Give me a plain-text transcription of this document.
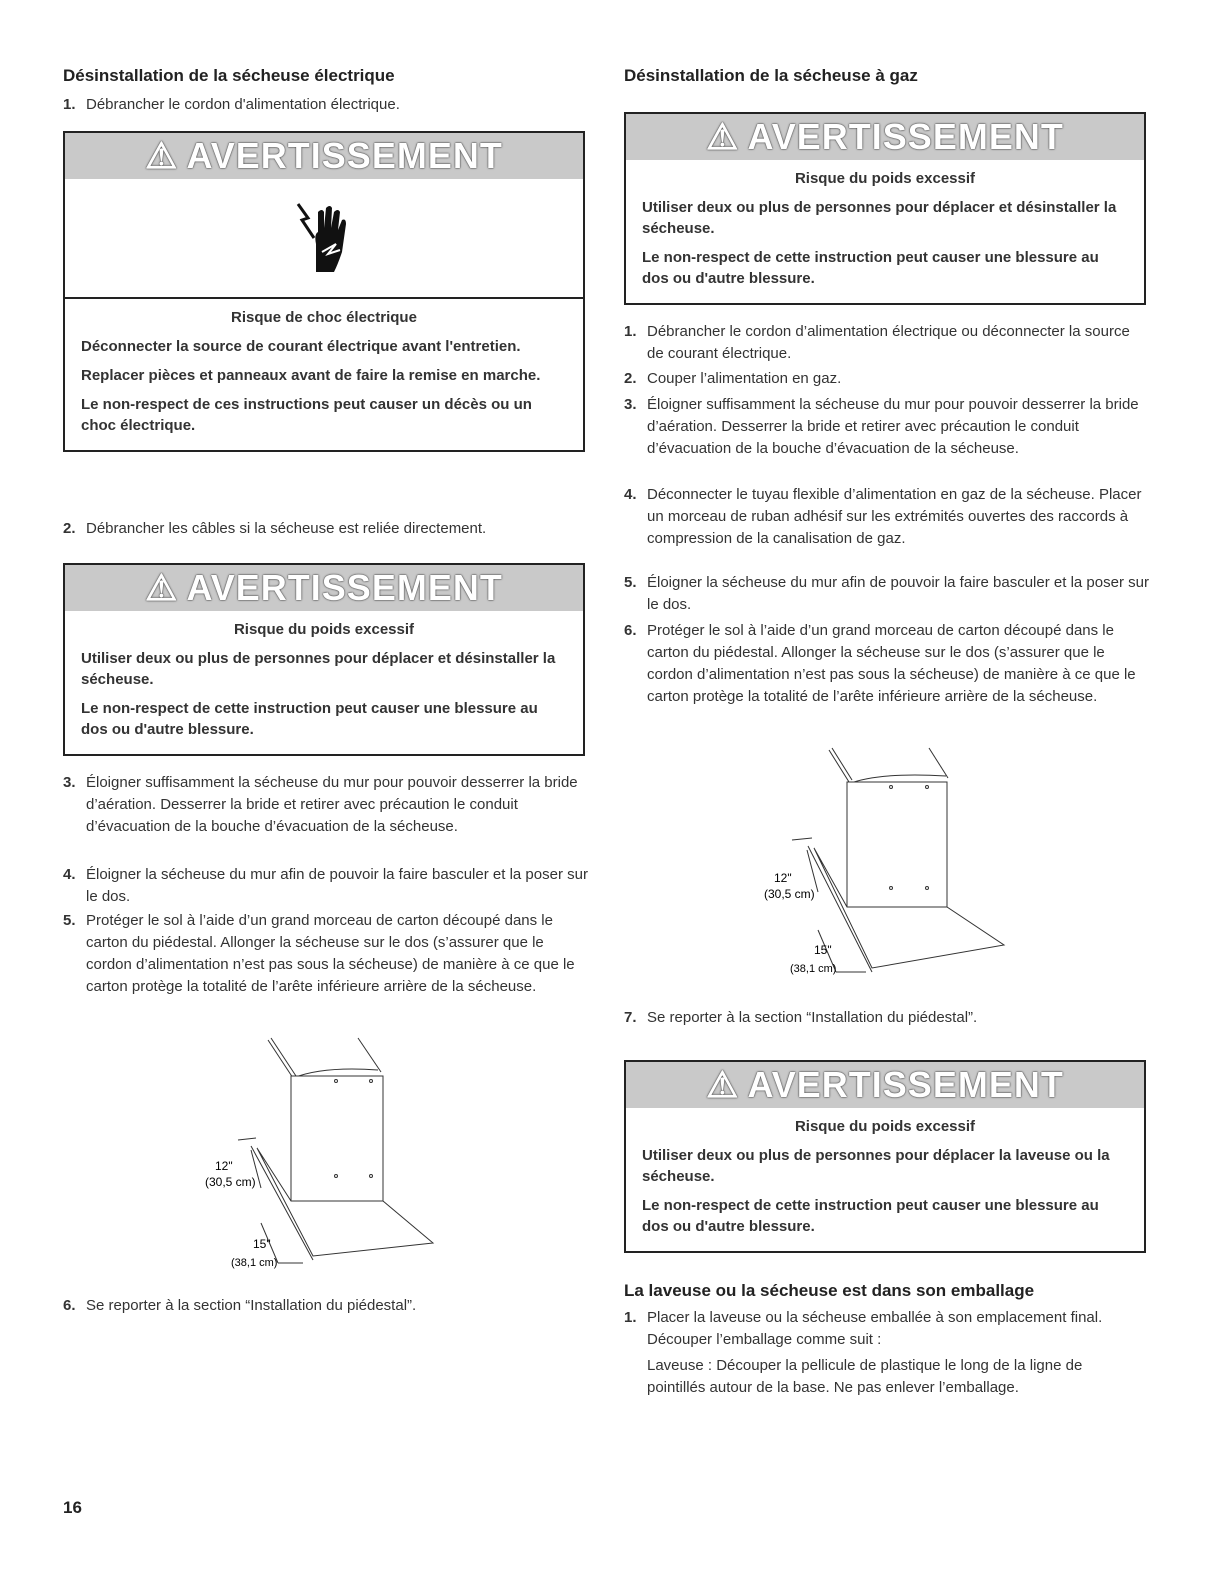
Désinstallation de la sécheuse électrique
1. Débrancher le cordon d'alimentation électrique.
⚠ AVERTISSEMENT
Risque de choc électrique

Déconnecter la source de courant électrique avant l'entretien.

Replacer pièces et panneaux avant de faire la remise en marche.

Le non-respect de ces instructions peut causer un décès ou un choc électrique.

2. Débrancher les câbles si la sécheuse est reliée directement.
⚠ AVERTISSEMENT
Risque du poids excessif

Utiliser deux ou plus de personnes pour déplacer et désinstaller la sécheuse.

Le non-respect de cette instruction peut causer une blessure au dos ou d'autre blessure.

3. Éloigner suffisamment la sécheuse du mur pour pouvoir desserrer la bride d’aération. Desserrer la bride et retirer avec précaution le conduit d’évacuation de la bouche d’évacuation de la sécheuse.
4. Éloigner la sécheuse du mur afin de pouvoir la faire basculer et la poser sur le dos.
5. Protéger le sol à l’aide d’un grand morceau de carton découpé dans le carton du piédestal. Allonger la sécheuse sur le dos (s’assurer que le cordon d’alimentation n’est pas sous la sécheuse) de manière à ce que le carton protège la totalité de l’arête inférieure arrière de la sécheuse.
12"
(30,5 cm)
15"
(38,1 cm)
6. Se reporter à la section “Installation du piédestal”.
Désinstallation de la sécheuse à gaz
⚠ AVERTISSEMENT
Risque du poids excessif

Utiliser deux ou plus de personnes pour déplacer et désinstaller la sécheuse.

Le non-respect de cette instruction peut causer une blessure au dos ou d'autre blessure.

1. Débrancher le cordon d’alimentation électrique ou déconnecter la source de courant électrique.
2. Couper l’alimentation en gaz.
3. Éloigner suffisamment la sécheuse du mur pour pouvoir desserrer la bride d’aération. Desserrer la bride et retirer avec précaution le conduit d’évacuation de la bouche d’évacuation de la sécheuse.
4. Déconnecter le tuyau flexible d’alimentation en gaz de la sécheuse. Placer un morceau de ruban adhésif sur les extrémités ouvertes des raccords à compression de la canalisation de gaz.
5. Éloigner la sécheuse du mur afin de pouvoir la faire basculer et la poser sur le dos.
6. Protéger le sol à l’aide d’un grand morceau de carton découpé dans le carton du piédestal. Allonger la sécheuse sur le dos (s’assurer que le cordon d’alimentation n’est pas sous la sécheuse) de manière à ce que le carton protège la totalité de l’arête inférieure arrière de la sécheuse.
12"
(30,5 cm)
15"
(38,1 cm)
7. Se reporter à la section “Installation du piédestal”.
⚠ AVERTISSEMENT
Risque du poids excessif

Utiliser deux ou plus de personnes pour déplacer la laveuse ou la sécheuse.

Le non-respect de cette instruction peut causer une blessure au dos ou d'autre blessure.

La laveuse ou la sécheuse est dans son emballage
1. Placer la laveuse ou la sécheuse emballée à son emplacement final. Découper l’emballage comme suit :
Laveuse : Découper la pellicule de plastique le long de la ligne de pointillés autour de la base. Ne pas enlever l’emballage.
16
